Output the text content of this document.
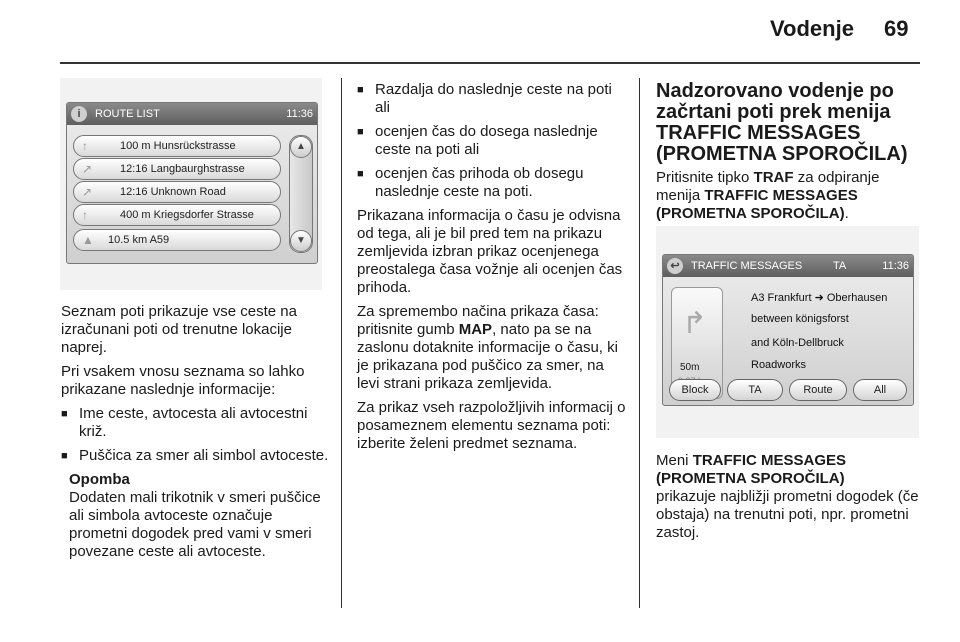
Vodenje 69
i	ROUTE LIST	11:36
↑	100 m Hunsrückstrasse
↗	12:16 Langbaurghstrasse
↗	12:16 Unknown Road
↑	400 m Kriegsdorfer Strasse
▲ 10.5 km A59
▲
▼

Seznam poti prikazuje vse ceste na izračunani poti od trenutne lokacije naprej.

Pri vsakem vnosu seznama so lahko prikazane naslednje informacije:

■ Ime ceste, avtocesta ali avtocestni križ.
■ Puščica za smer ali simbol avtoceste.
Opomba
Dodaten mali trikotnik v smeri puščice ali simbola avtoceste označuje prometni dogodek pred vami v smeri povezane ceste ali avtoceste.
■ Razdalja do naslednje ceste na poti ali
■ ocenjen čas do dosega naslednje ceste na poti ali
■ ocenjen čas prihoda ob dosegu naslednje ceste na poti.

Prikazana informacija o času je odvisna od tega, ali je bil pred tem na prikazu zemljevida izbran prikaz ocenjenega preostalega časa vožnje ali ocenjen čas prihoda.

Za spremembo načina prikaza časa: pritisnite gumb MAP, nato pa se na zaslonu dotaknite informacije o času, ki je prikazana pod puščico za smer, na levi strani prikaza zemljevida.

Za prikaz vseh razpoložljivih informacij o posameznem elementu seznama poti: izberite želeni predmet seznama.

Nadzorovano vodenje po začrtani poti prek menija TRAFFIC MESSAGES (PROMETNA SPOROČILA)

Pritisnite tipko TRAF za odpiranje menija TRAFFIC MESSAGES (PROMETNA SPOROČILA).

↩	TRAFFIC MESSAGES	TA	11:36
↱
50m
A3 Frankfurt ➜ Oberhausen
between königsforst
and Köln-Dellbruck
Roadworks
Block	TA	Route	All

Meni TRAFFIC MESSAGES (PROMETNA SPOROČILA)
prikazuje najbližji prometni dogodek (če obstaja) na trenutni poti, npr. prometni zastoj.
